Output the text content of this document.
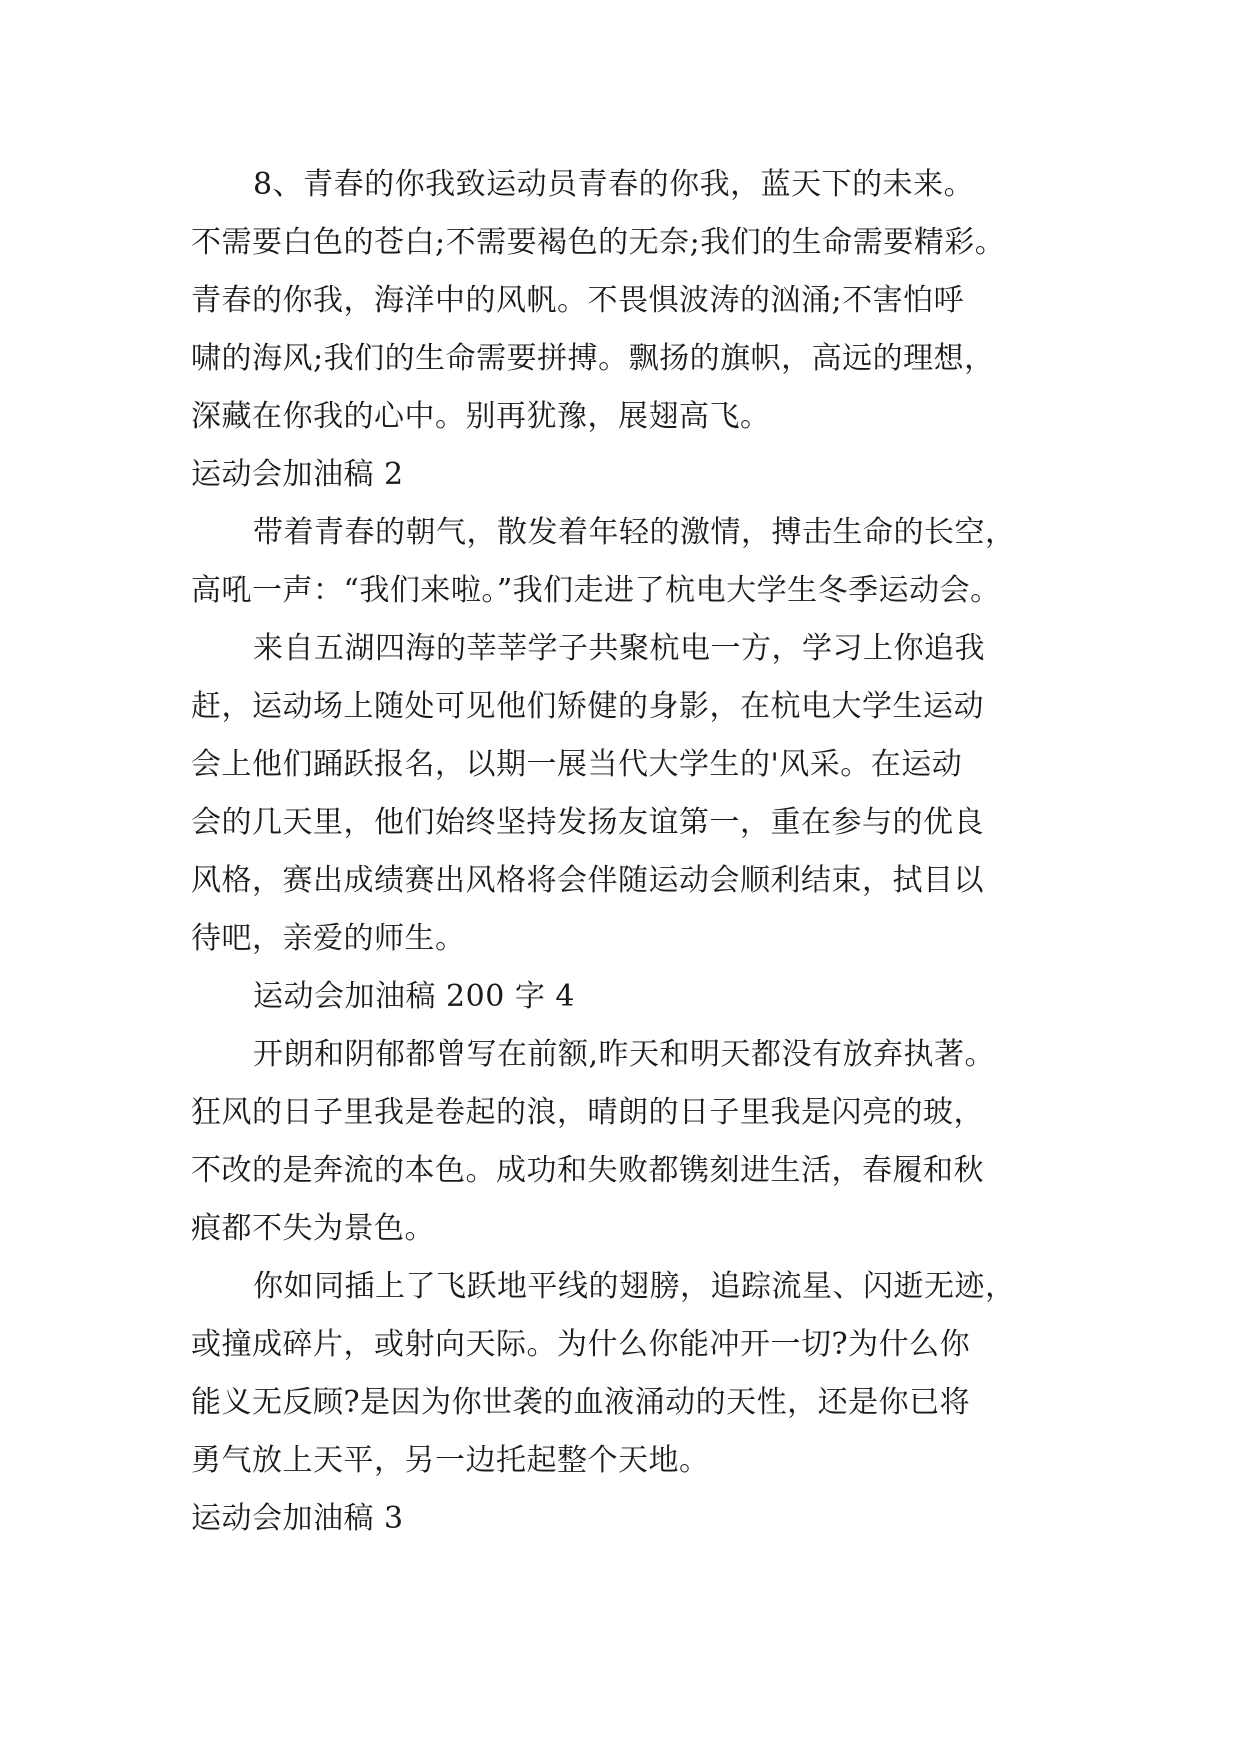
8、青春的你我致运动员青春的你我，蓝天下的未来。
不需要白色的苍白;不需要褐色的无奈;我们的生命需要精彩。
青春的你我，海洋中的风帆。不畏惧波涛的汹涌;不害怕呼
啸的海风;我们的生命需要拼搏。飘扬的旗帜，高远的理想，
深藏在你我的心中。别再犹豫，展翅高飞。
运动会加油稿 2
带着青春的朝气，散发着年轻的激情，搏击生命的长空，
高吼一声：“我们来啦。”我们走进了杭电大学生冬季运动会。
来自五湖四海的莘莘学子共聚杭电一方，学习上你追我
赶，运动场上随处可见他们矫健的身影，在杭电大学生运动
会上他们踊跃报名，以期一展当代大学生的'风采。在运动
会的几天里，他们始终坚持发扬友谊第一，重在参与的优良
风格，赛出成绩赛出风格将会伴随运动会顺利结束，拭目以
待吧，亲爱的师生。
运动会加油稿 200 字 4
开朗和阴郁都曾写在前额,昨天和明天都没有放弃执著。
狂风的日子里我是卷起的浪，晴朗的日子里我是闪亮的玻，
不改的是奔流的本色。成功和失败都镌刻进生活，春履和秋
痕都不失为景色。
你如同插上了飞跃地平线的翅膀，追踪流星、闪逝无迹，
或撞成碎片，或射向天际。为什么你能冲开一切?为什么你
能义无反顾?是因为你世袭的血液涌动的天性，还是你已将
勇气放上天平，另一边托起整个天地。
运动会加油稿 3
